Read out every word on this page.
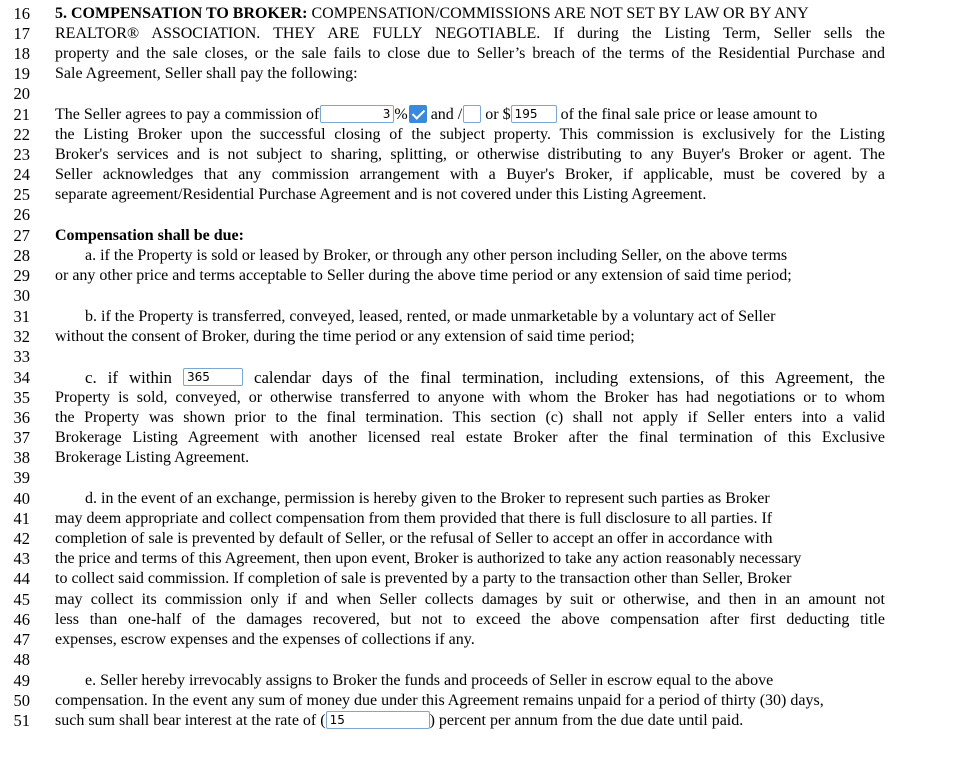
16 5. COMPENSATION TO BROKER: COMPENSATION/COMMISSIONS ARE NOT SET BY LAW OR BY ANY
17 REALTOR® ASSOCIATION. THEY ARE FULLY NEGOTIABLE. If during the Listing Term, Seller sells the
18 property and the sale closes, or the sale fails to close due to Seller’s breach of the terms of the Residential Purchase and
19 Sale Agreement, Seller shall pay the following:
20
21 The Seller agrees to pay a commission of	3 % and / or $ 195 of the final sale price or lease amount to
22 the Listing Broker upon the successful closing of the subject property. This commission is exclusively for the Listing
23 Broker's services and is not subject to sharing, splitting, or otherwise distributing to any Buyer's Broker or agent. The
24 Seller acknowledges that any commission arrangement with a Buyer's Broker, if applicable, must be covered by a
25 separate agreement/Residential Purchase Agreement and is not covered under this Listing Agreement.
26
27 Compensation shall be due:
28	a. if the Property is sold or leased by Broker, or through any other person including Seller, on the above terms
29 or any other price and terms acceptable to Seller during the above time period or any extension of said time period;
30
31	b. if the Property is transferred, conveyed, leased, rented, or made unmarketable by a voluntary act of Seller
32 without the consent of Broker, during the time period or any extension of said time period;
33
34	c. if within 365	calendar days of the final termination, including extensions, of this Agreement, the
35 Property is sold, conveyed, or otherwise transferred to anyone with whom the Broker has had negotiations or to whom
36 the Property was shown prior to the final termination. This section (c) shall not apply if Seller enters into a valid
37 Brokerage Listing Agreement with another licensed real estate Broker after the final termination of this Exclusive
38 Brokerage Listing Agreement.
39
40	d. in the event of an exchange, permission is hereby given to the Broker to represent such parties as Broker
41 may deem appropriate and collect compensation from them provided that there is full disclosure to all parties. If
42 completion of sale is prevented by default of Seller, or the refusal of Seller to accept an offer in accordance with
43 the price and terms of this Agreement, then upon event, Broker is authorized to take any action reasonably necessary
44 to collect said commission. If completion of sale is prevented by a party to the transaction other than Seller, Broker
45 may collect its commission only if and when Seller collects damages by suit or otherwise, and then in an amount not
46 less than one-half of the damages recovered, but not to exceed the above compensation after first deducting title
47 expenses, escrow expenses and the expenses of collections if any.
48
49	e. Seller hereby irrevocably assigns to Broker the funds and proceeds of Seller in escrow equal to the above
50 compensation. In the event any sum of money due under this Agreement remains unpaid for a period of thirty (30) days,
51 such sum shall bear interest at the rate of ( 15	) percent per annum from the due date until paid.
